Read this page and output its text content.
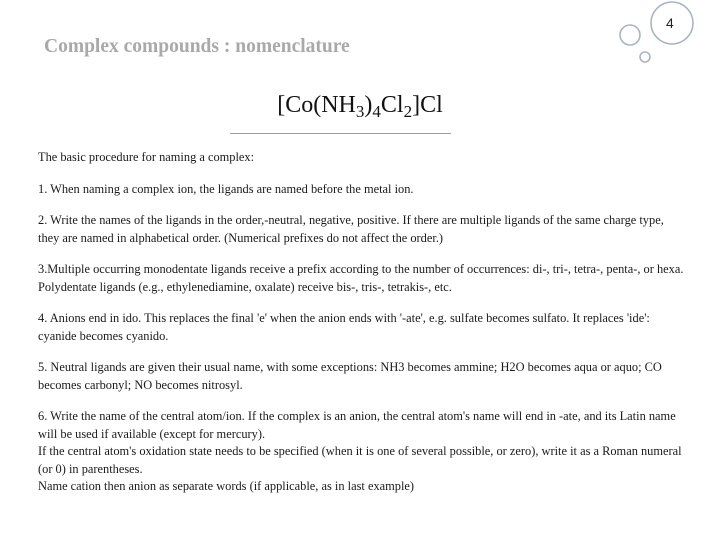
Complex compounds : nomenclature
4
$[Co(NH_3)_4Cl_2]Cl$

The basic procedure for naming a complex:

1. When naming a complex ion, the ligands are named before the metal ion.

2. Write the names of the ligands in the order,-neutral, negative, positive. If there are multiple ligands of the same charge type, they are named in alphabetical order. (Numerical prefixes do not affect the order.)

3.Multiple occurring monodentate ligands receive a prefix according to the number of occurrences: di-, tri-, tetra-, penta-, or hexa. Polydentate ligands (e.g., ethylenediamine, oxalate) receive bis-, tris-, tetrakis-, etc.

4. Anions end in ido. This replaces the final 'e' when the anion ends with '-ate', e.g. sulfate becomes sulfato. It replaces 'ide': cyanide becomes cyanido.

5. Neutral ligands are given their usual name, with some exceptions: NH3 becomes ammine; H2O becomes aqua or aquo; CO becomes carbonyl; NO becomes nitrosyl.

6. Write the name of the central atom/ion. If the complex is an anion, the central atom's name will end in -ate, and its Latin name will be used if available (except for mercury).

If the central atom's oxidation state needs to be specified (when it is one of several possible, or zero), write it as a Roman numeral (or 0) in parentheses.

Name cation then anion as separate words (if applicable, as in last example)
